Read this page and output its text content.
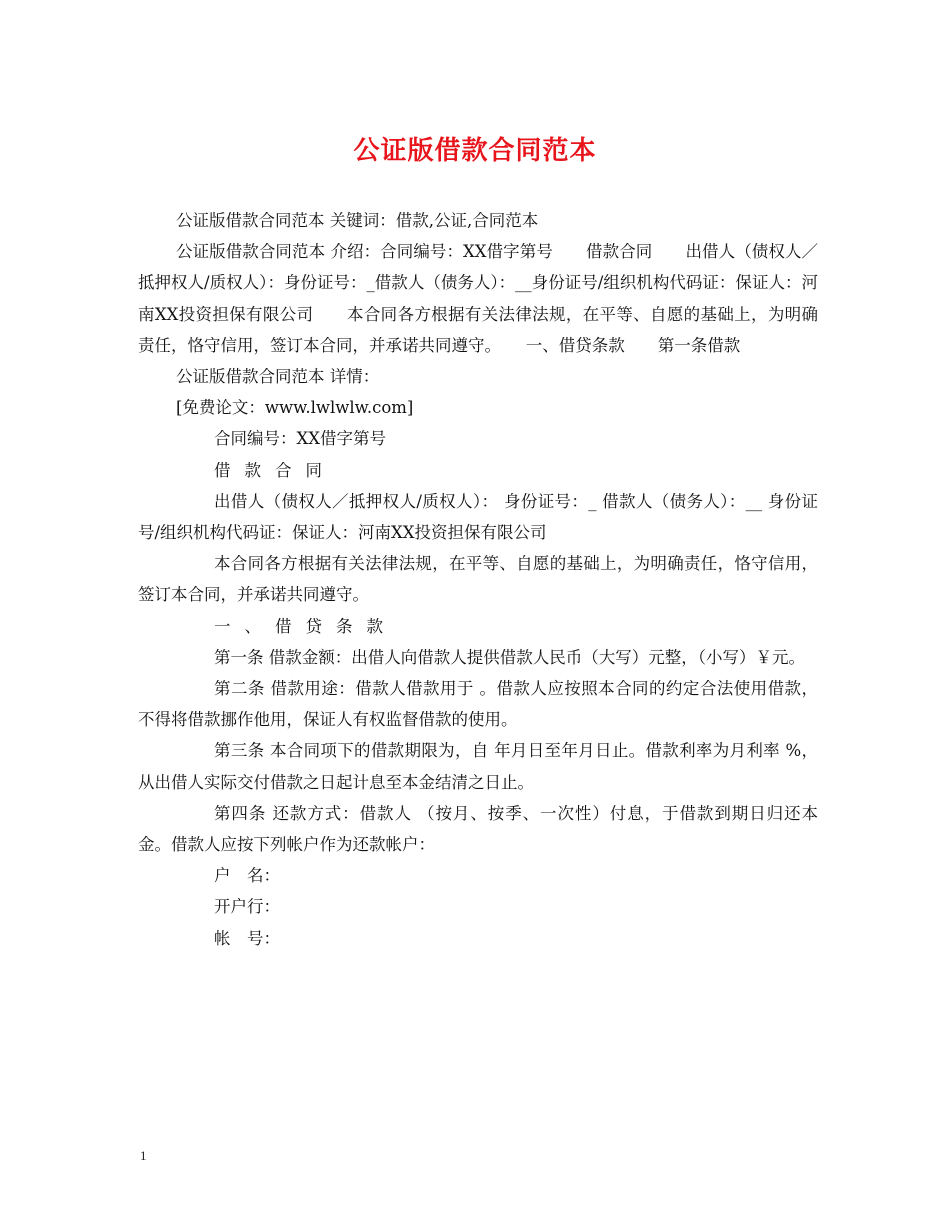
公证版借款合同范本

公证版借款合同范本 关键词：借款,公证,合同范本

公证版借款合同范本 介绍：合同编号：XX借字第号　　借款合同　　出借人（债权人／抵押权人/质权人）：身份证号：_借款人（债务人）：__身份证号/组织机构代码证：保证人：河南XX投资担保有限公司　　本合同各方根据有关法律法规，在平等、自愿的基础上，为明确责任，恪守信用，签订本合同，并承诺共同遵守。　　一、借贷条款　　第一条借款

公证版借款合同范本 详情：

[免费论文：www.lwlwlw.com]

合同编号：XX借字第号

借款合同

出借人（债权人／抵押权人/质权人）： 身份证号：_ 借款人（债务人）：__ 身份证号/组织机构代码证：保证人：河南XX投资担保有限公司

本合同各方根据有关法律法规，在平等、自愿的基础上，为明确责任，恪守信用，签订本合同，并承诺共同遵守。

一、借贷条款

第一条 借款金额：出借人向借款人提供借款人民币（大写）元整，（小写）￥元。

第二条 借款用途：借款人借款用于 。借款人应按照本合同的约定合法使用借款，不得将借款挪作他用，保证人有权监督借款的使用。

第三条 本合同项下的借款期限为，自 年月日至年月日止。借款利率为月利率 %，从出借人实际交付借款之日起计息至本金结清之日止。

第四条 还款方式：借款人 （按月、按季、一次性）付息，于借款到期日归还本金。借款人应按下列帐户作为还款帐户：

户　名：

开户行：

帐　号：

1
